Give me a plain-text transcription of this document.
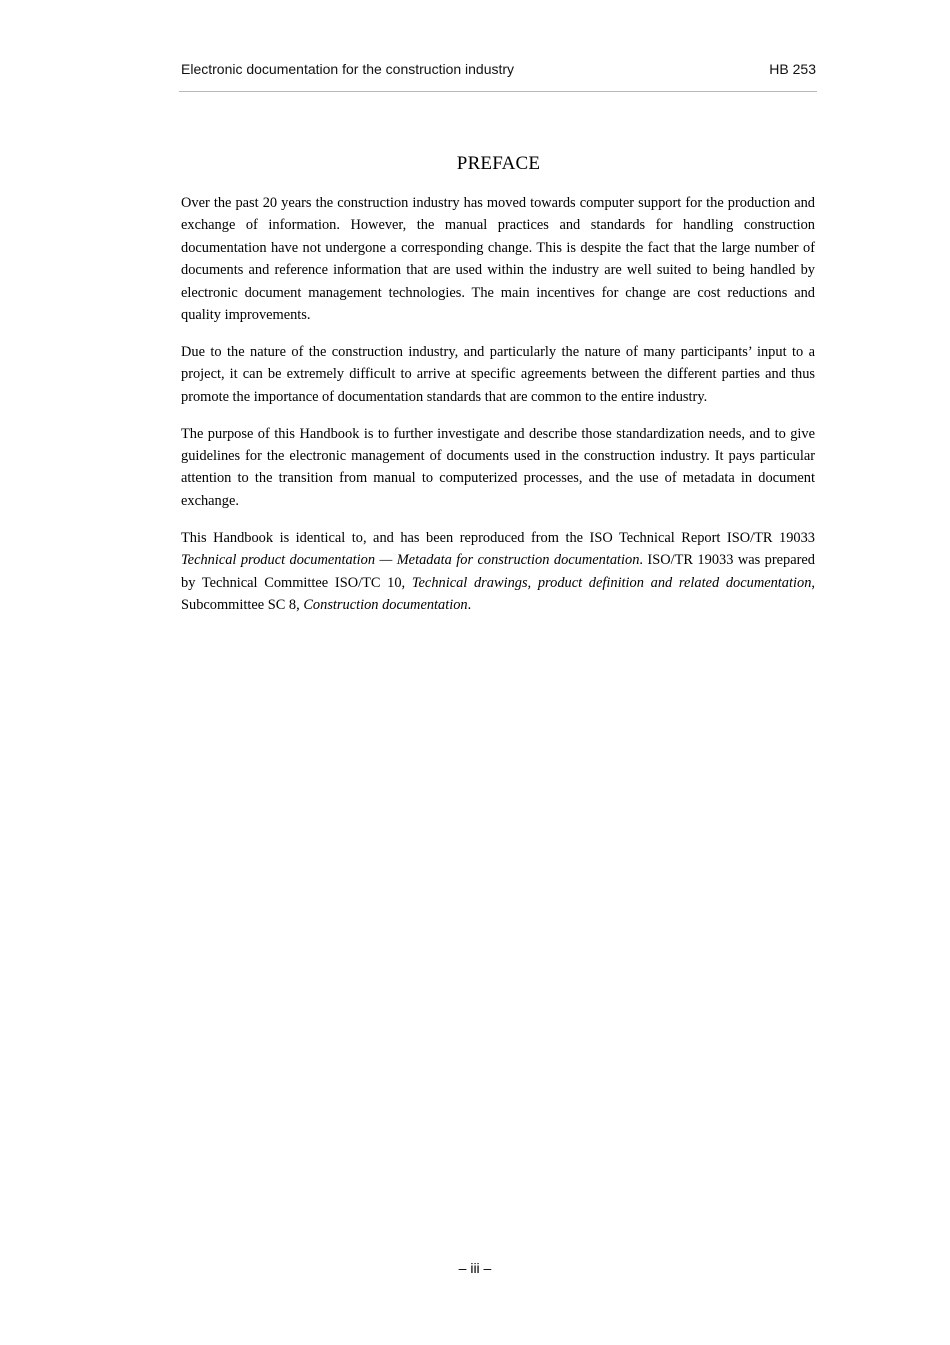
Electronic documentation for the construction industry	HB 253
PREFACE

Over the past 20 years the construction industry has moved towards computer support for the production and exchange of information. However, the manual practices and standards for handling construction documentation have not undergone a corresponding change. This is despite the fact that the large number of documents and reference information that are used within the industry are well suited to being handled by electronic document management technologies. The main incentives for change are cost reductions and quality improvements.

Due to the nature of the construction industry, and particularly the nature of many participants’ input to a project, it can be extremely difficult to arrive at specific agreements between the different parties and thus promote the importance of documentation standards that are common to the entire industry.

The purpose of this Handbook is to further investigate and describe those standardization needs, and to give guidelines for the electronic management of documents used in the construction industry. It pays particular attention to the transition from manual to computerized processes, and the use of metadata in document exchange.

This Handbook is identical to, and has been reproduced from the ISO Technical Report ISO/TR 19033 Technical product documentation — Metadata for construction documentation. ISO/TR 19033 was prepared by Technical Committee ISO/TC 10, Technical drawings, product definition and related documentation, Subcommittee SC 8, Construction documentation.

– iii –
